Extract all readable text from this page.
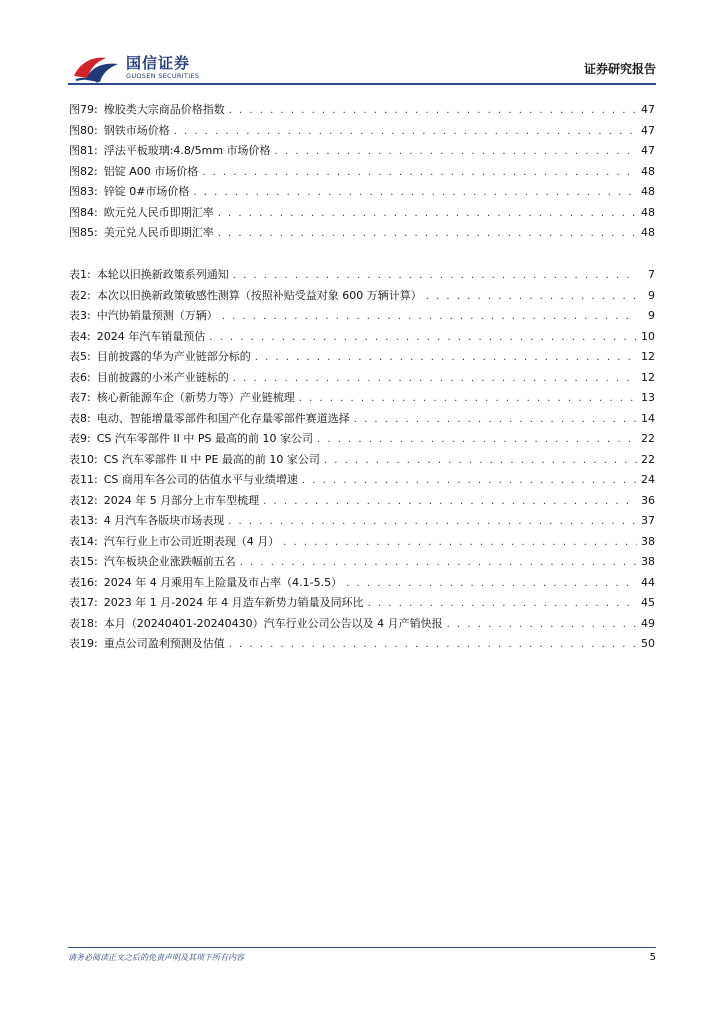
国信证券
GUOSEN SECURITIES	证券研究报告
图79: 橡胶类大宗商品价格指数 . . .	47
图80: 钢铁市场价格 . . .	47
图81: 浮法平板玻璃:4.8/5mm 市场价格 . . .	47
图82: 铝锭 A00 市场价格 . . .	48
图83: 锌锭 0#市场价格 . . .	48
图84: 欧元兑人民币即期汇率 . . .	48
图85: 美元兑人民币即期汇率 . . .	48
表1: 本轮以旧换新政策系列通知 . . .	7
表2: 本次以旧换新政策敏感性测算（按照补贴受益对象 600 万辆计算） . . .	9
表3: 中汽协销量预测（万辆） . . .	9
表4: 2024 年汽车销量预估 . . .	10
表5: 目前披露的华为产业链部分标的 . . .	12
表6: 目前披露的小米产业链标的 . . .	12
表7: 核心新能源车企（新势力等）产业链梳理 . . .	13
表8: 电动、智能增量零部件和国产化存量零部件赛道选择 . . .	14
表9: CS 汽车零部件 II 中 PS 最高的前 10 家公司 . . .	22
表10: CS 汽车零部件 II 中 PE 最高的前 10 家公司 . . .	22
表11: CS 商用车各公司的估值水平与业绩增速 . . .	24
表12: 2024 年 5 月部分上市车型梳理 . . .	36
表13: 4 月汽车各版块市场表现 . . .	37
表14: 汽车行业上市公司近期表现（4 月） . . .	38
表15: 汽车板块企业涨跌幅前五名 . . .	38
表16: 2024 年 4 月乘用车上险量及市占率（4.1-5.5） . . .	44
表17: 2023 年 1 月-2024 年 4 月造车新势力销量及同环比 . . .	45
表18: 本月（20240401-20240430）汽车行业公司公告以及 4 月产销快报 . . .	49
表19: 重点公司盈利预测及估值 . . .	50
请务必阅读正文之后的免责声明及其项下所有内容	5
